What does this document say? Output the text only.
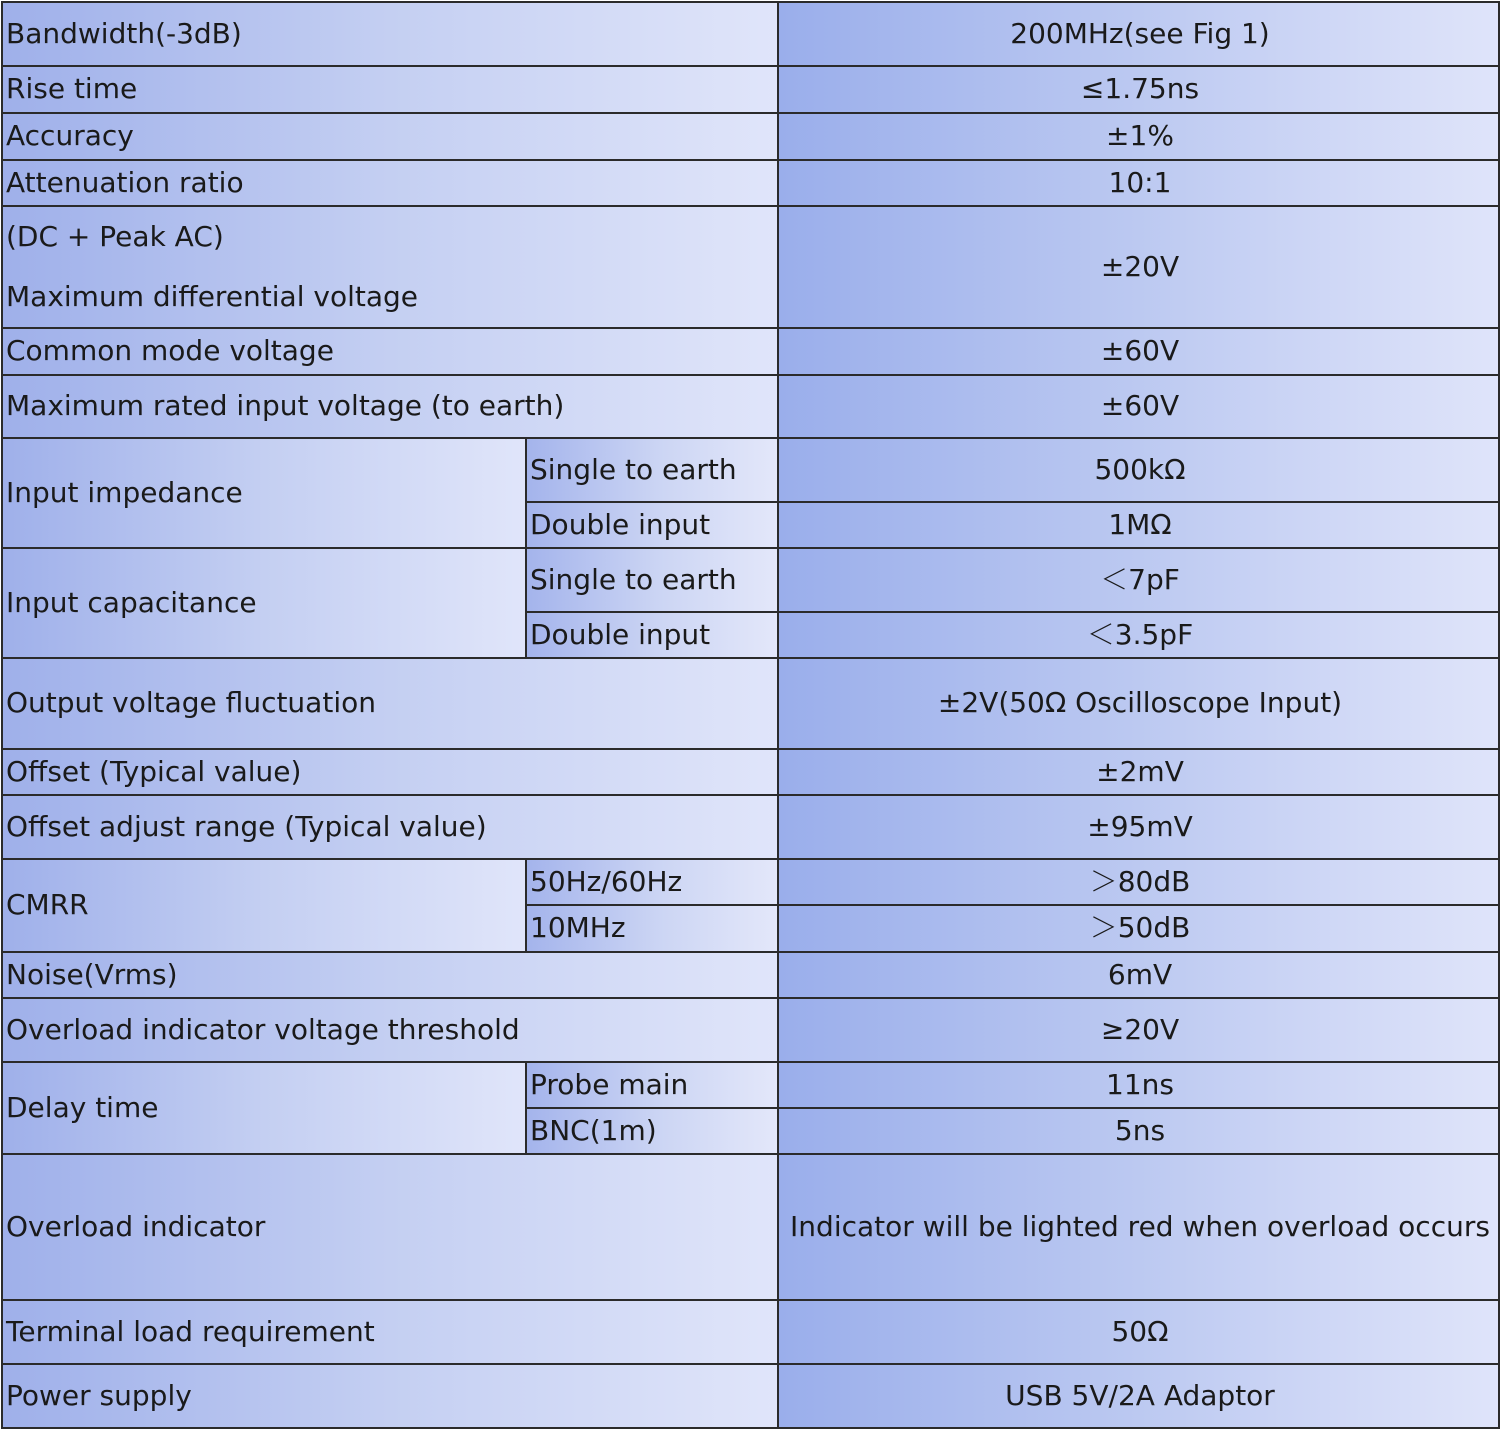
Bandwidth(-3dB)		200MHz(see Fig 1)
Rise time		≤1.75ns
Accuracy		±1%
Attenuation ratio		10:1

(DC + Peak AC)
Maximum differential voltage		±20V
Common mode voltage		±60V
Maximum rated input voltage (to earth)		±60V
Input impedance	Single to earth	500kΩ
	Double input	1MΩ
Input capacitance	Single to earth	＜7pF
	Double input	＜3.5pF
Output voltage fluctuation		±2V(50Ω Oscilloscope Input)
Offset (Typical value)		±2mV
Offset adjust range (Typical value)		±95mV
CMRR	50Hz/60Hz	＞80dB
	10MHz	＞50dB
Noise(Vrms)		6mV
Overload indicator voltage threshold		≥20V
Delay time	Probe main	11ns
	BNC(1m)	5ns
Overload indicator		Indicator will be lighted red when overload occurs
Terminal load requirement		50Ω
Power supply		USB 5V/2A Adaptor
